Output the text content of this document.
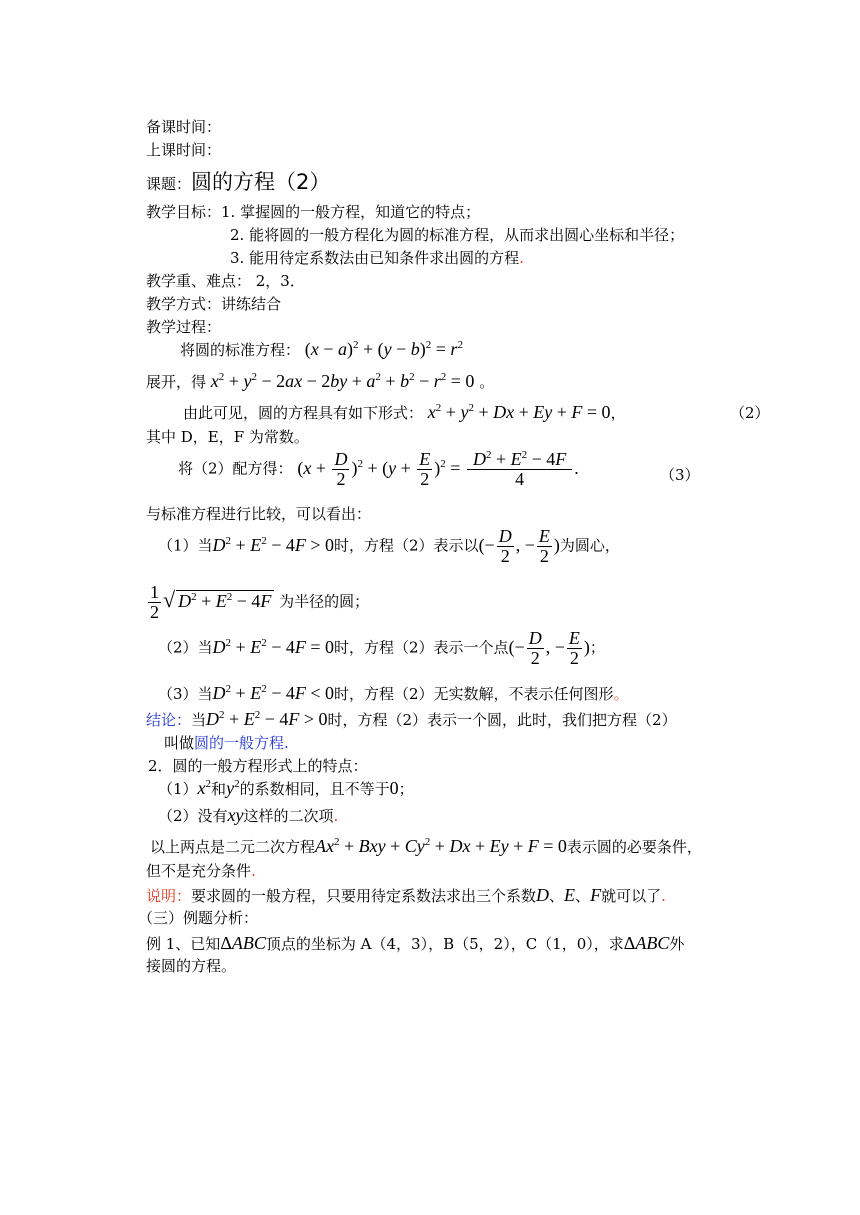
备课时间：
上课时间：
课题：圆的方程（2）
教学目标：1. 掌握圆的一般方程，知道它的特点；
2. 能将圆的一般方程化为圆的标准方程，从而求出圆心坐标和半径；
3. 能用待定系数法由已知条件求出圆的方程.
教学重、难点： 2，3．
教学方式：讲练结合
教学过程：
将圆的标准方程： $(x - a)^2 + (y - b)^2 = r^2$
展开，得 $x^2 + y^2 - 2ax - 2by + a^2 + b^2 - r^2 = 0$ 。
由此可见，圆的方程具有如下形式： $x^2 + y^2 + Dx + Ey + F = 0$，	（2）
其中 D，E，F 为常数。
将（2）配方得： $(x + \frac{D}{2} )^2 + (y + \frac{E}{2} )^2 = \frac{D^2 + E^2 - 4F}{4}$ .	（3）
与标准方程进行比较，可以看出：
（1）当$D^2 + E^2 - 4F > 0$时，方程（2）表示以(− $\frac{D}{2}$ , − $\frac{E}{2}$ )为圆心，
$\frac{1}{2}$ √ $D^2 + E^2 - 4F$ 为半径的圆；
（2）当$D^2 + E^2 - 4F = 0$时，方程（2）表示一个点(− $\frac{D}{2}$ , − $\frac{E}{2}$ )；
（3）当$D^2 + E^2 - 4F < 0$时，方程（2）无实数解，不表示任何图形。
结论：当$D^2 + E^2 - 4F > 0$时，方程（2）表示一个圆，此时，我们把方程（2）
叫做圆的一般方程.
2．圆的一般方程形式上的特点：
$(1)x^2$和$y^2$的系数相同，且不等于0；
（2）没有xy这样的二次项.
以上两点是二元二次方程$Ax^2$ + Bxy + $Cy^2 + Dx + Ey + F = 0$表示圆的必要条件，
但不是充分条件.
说明：要求圆的一般方程，只要用待定系数法求出三个系数D、E、F就可以了.
（三）例题分析：
例 1、已知ΔABC顶点的坐标为 A（4，3），B（5，2），C（1，0），求ΔABC外
接圆的方程。
